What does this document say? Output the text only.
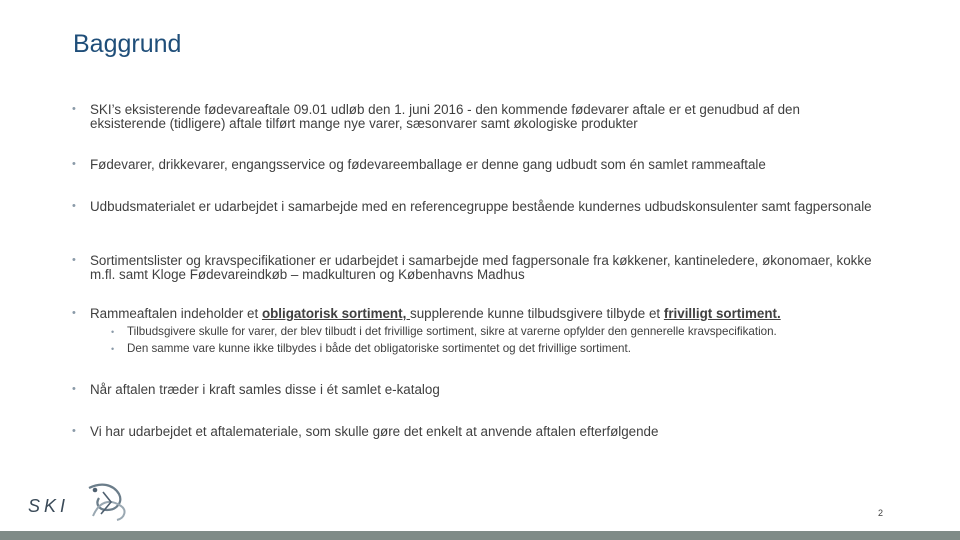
Baggrund
• SKI’s eksisterende fødevareaftale 09.01 udløb den 1. juni 2016 - den kommende fødevarer aftale er et genudbud af den eksisterende (tidligere) aftale tilført mange nye varer, sæsonvarer samt økologiske produkter
• Fødevarer, drikkevarer, engangsservice og fødevareemballage er denne gang udbudt som én samlet rammeaftale
• Udbudsmaterialet er udarbejdet i samarbejde med en referencegruppe bestående kundernes udbudskonsulenter samt fagpersonale
• Sortimentslister og kravspecifikationer er udarbejdet i samarbejde med fagpersonale fra køkkener, kantineledere, økonomaer, kokke m.fl. samt Kloge Fødevareindkøb – madkulturen og Københavns Madhus
• Rammeaftalen indeholder et obligatorisk sortiment, supplerende kunne tilbudsgivere tilbyde et frivilligt sortiment.
• Tilbudsgivere skulle for varer, der blev tilbudt i det frivillige sortiment, sikre at varerne opfylder den gennerelle kravspecifikation.
• Den samme vare kunne ikke tilbydes i både det obligatoriske sortimentet og det frivillige sortiment.
• Når aftalen træder i kraft samles disse i ét samlet e-katalog
• Vi har udarbejdet et aftalemateriale, som skulle gøre det enkelt at anvende aftalen efterfølgende
SKI	2
